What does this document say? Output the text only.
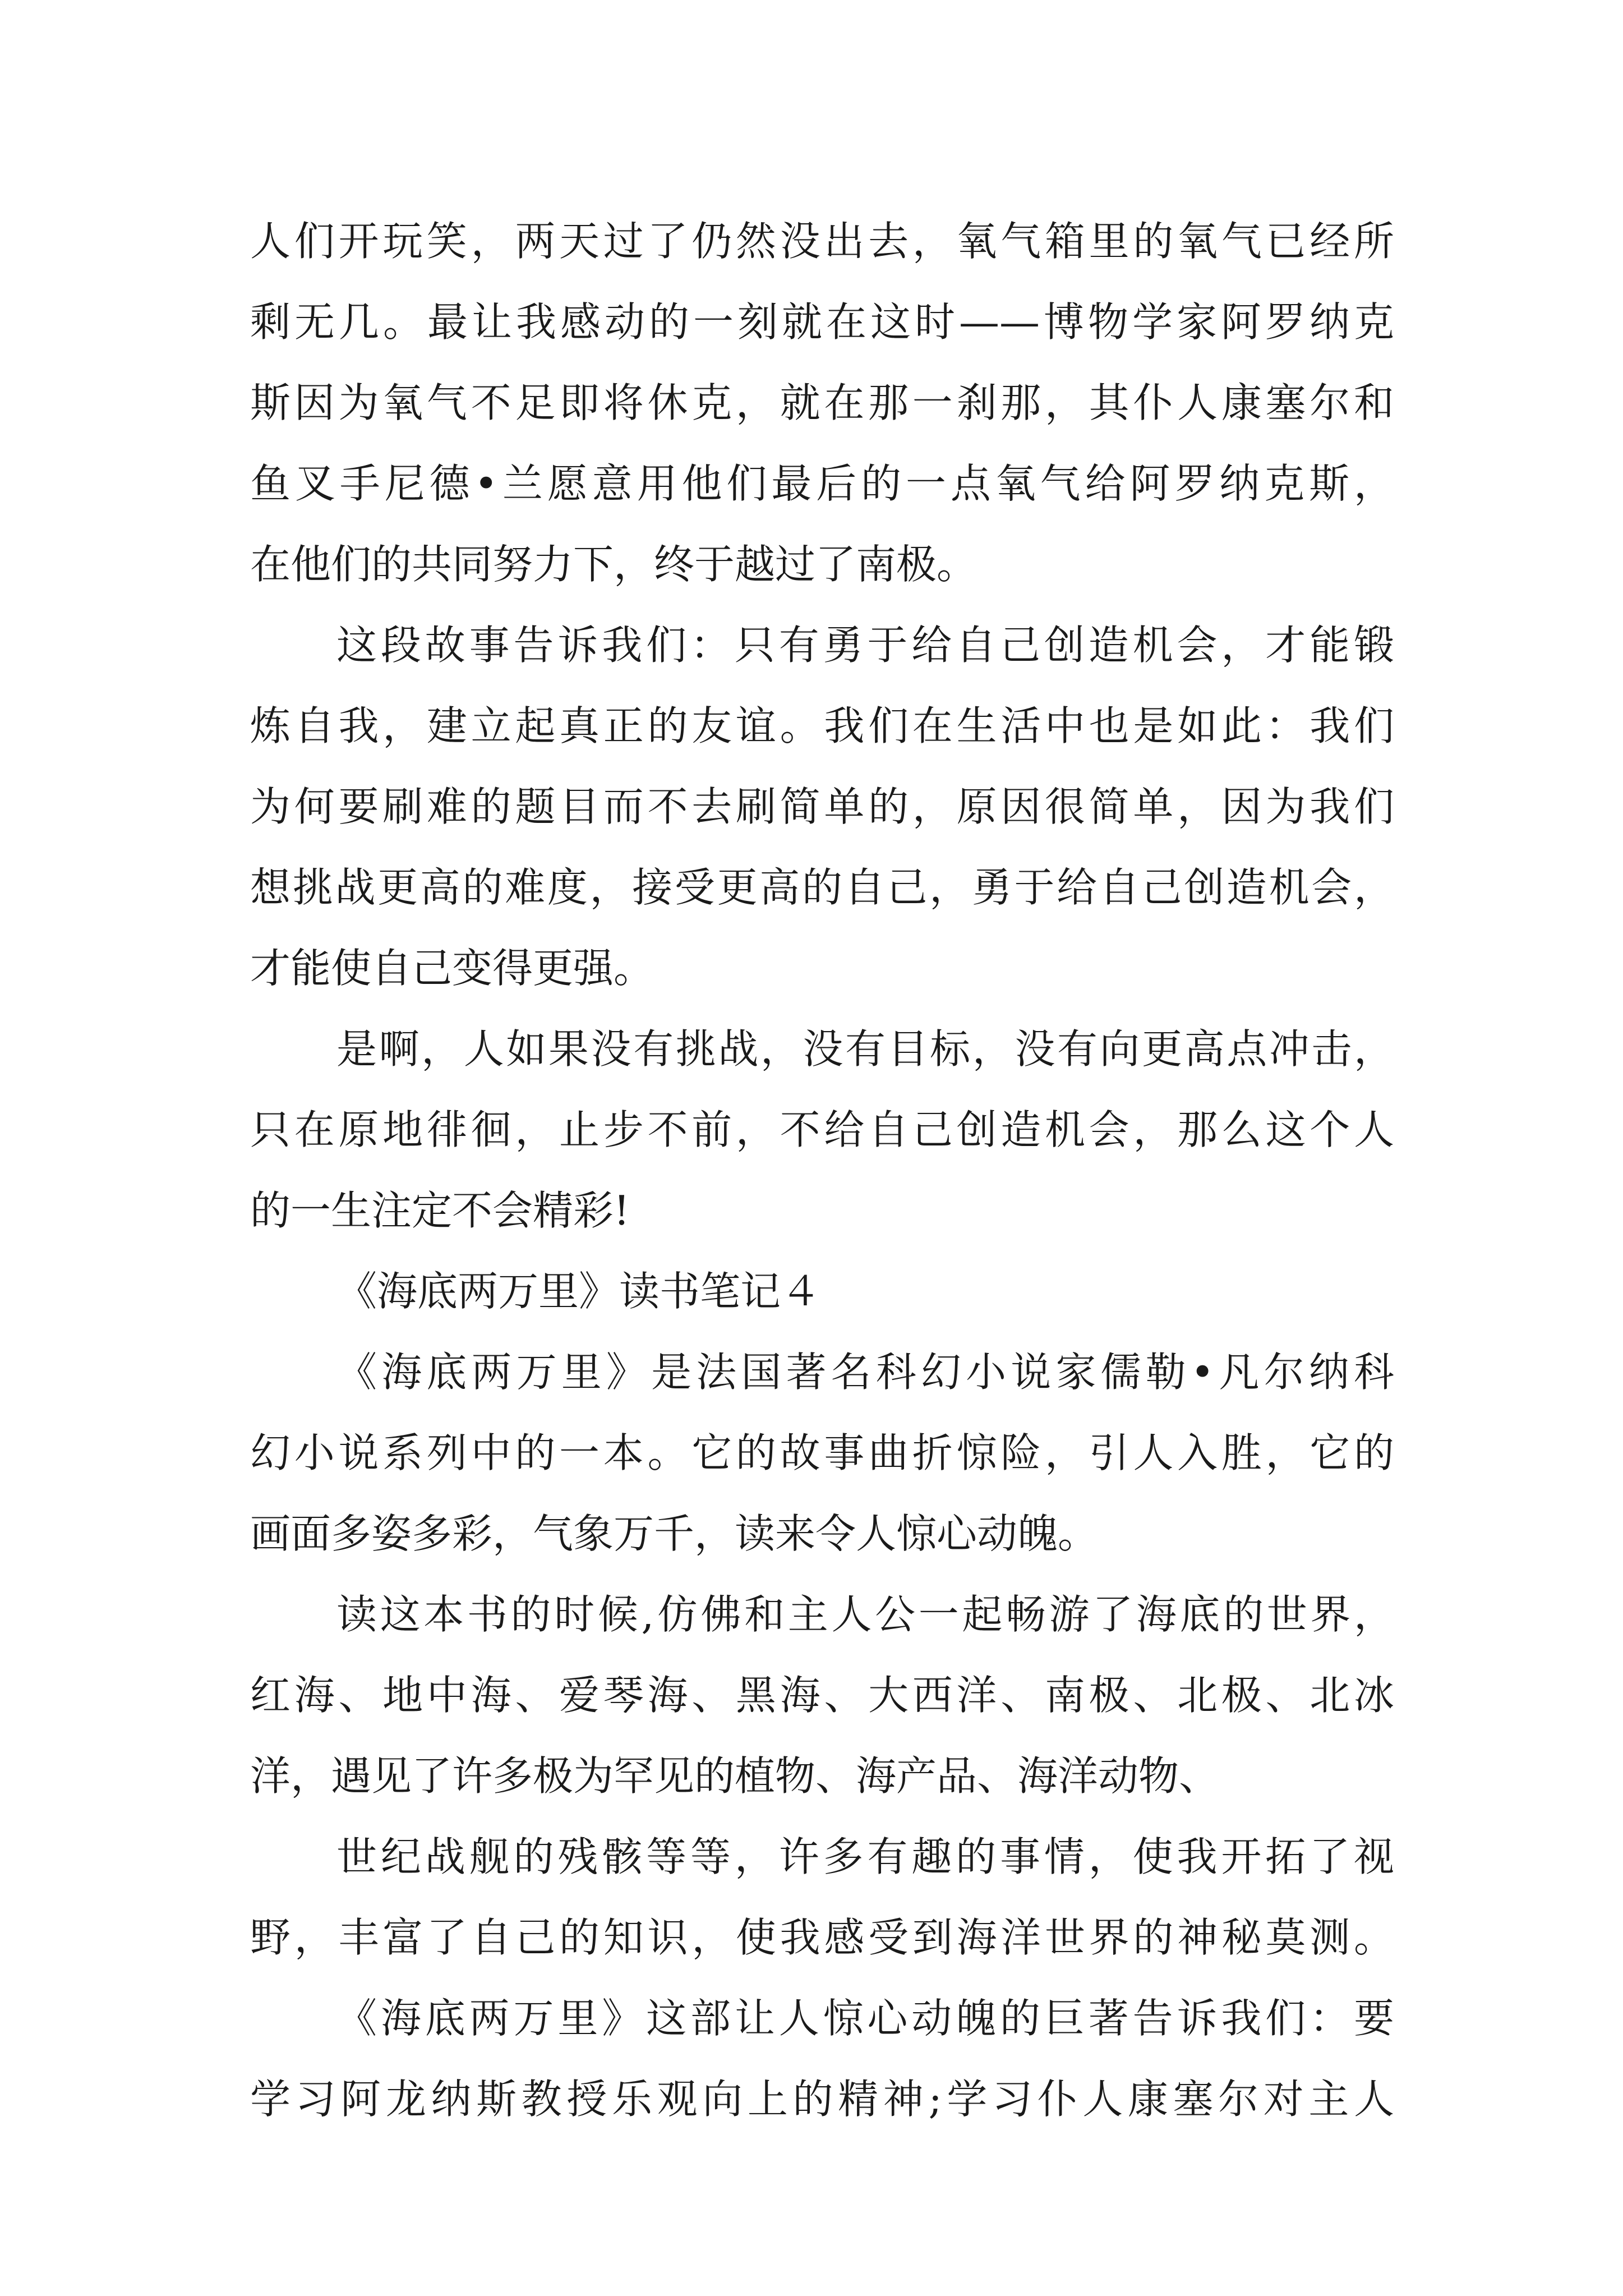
人们开玩笑，两天过了仍然没出去，氧气箱里的氧气已经所

剩无几。最让我感动的一刻就在这时——博物学家阿罗纳克

斯因为氧气不足即将休克，就在那一刹那，其仆人康塞尔和

鱼叉手尼德•兰愿意用他们最后的一点氧气给阿罗纳克斯，

在他们的共同努力下，终于越过了南极。

这段故事告诉我们：只有勇于给自己创造机会，才能锻

炼自我，建立起真正的友谊。我们在生活中也是如此：我们

为何要刷难的题目而不去刷简单的，原因很简单，因为我们

想挑战更高的难度，接受更高的自己，勇于给自己创造机会，

才能使自己变得更强。

是啊，人如果没有挑战，没有目标，没有向更高点冲击，

只在原地徘徊，止步不前，不给自己创造机会，那么这个人

的一生注定不会精彩!

《海底两万里》读书笔记４

《海底两万里》是法国著名科幻小说家儒勒•凡尔纳科

幻小说系列中的一本。它的故事曲折惊险，引人入胜，它的

画面多姿多彩，气象万千，读来令人惊心动魄。

读这本书的时候,仿佛和主人公一起畅游了海底的世界，

红海、地中海、爱琴海、黑海、大西洋、南极、北极、北冰

洋，遇见了许多极为罕见的植物、海产品、海洋动物、

世纪战舰的残骸等等，许多有趣的事情，使我开拓了视

野，丰富了自己的知识，使我感受到海洋世界的神秘莫测。

《海底两万里》这部让人惊心动魄的巨著告诉我们：要

学习阿龙纳斯教授乐观向上的精神;学习仆人康塞尔对主人
